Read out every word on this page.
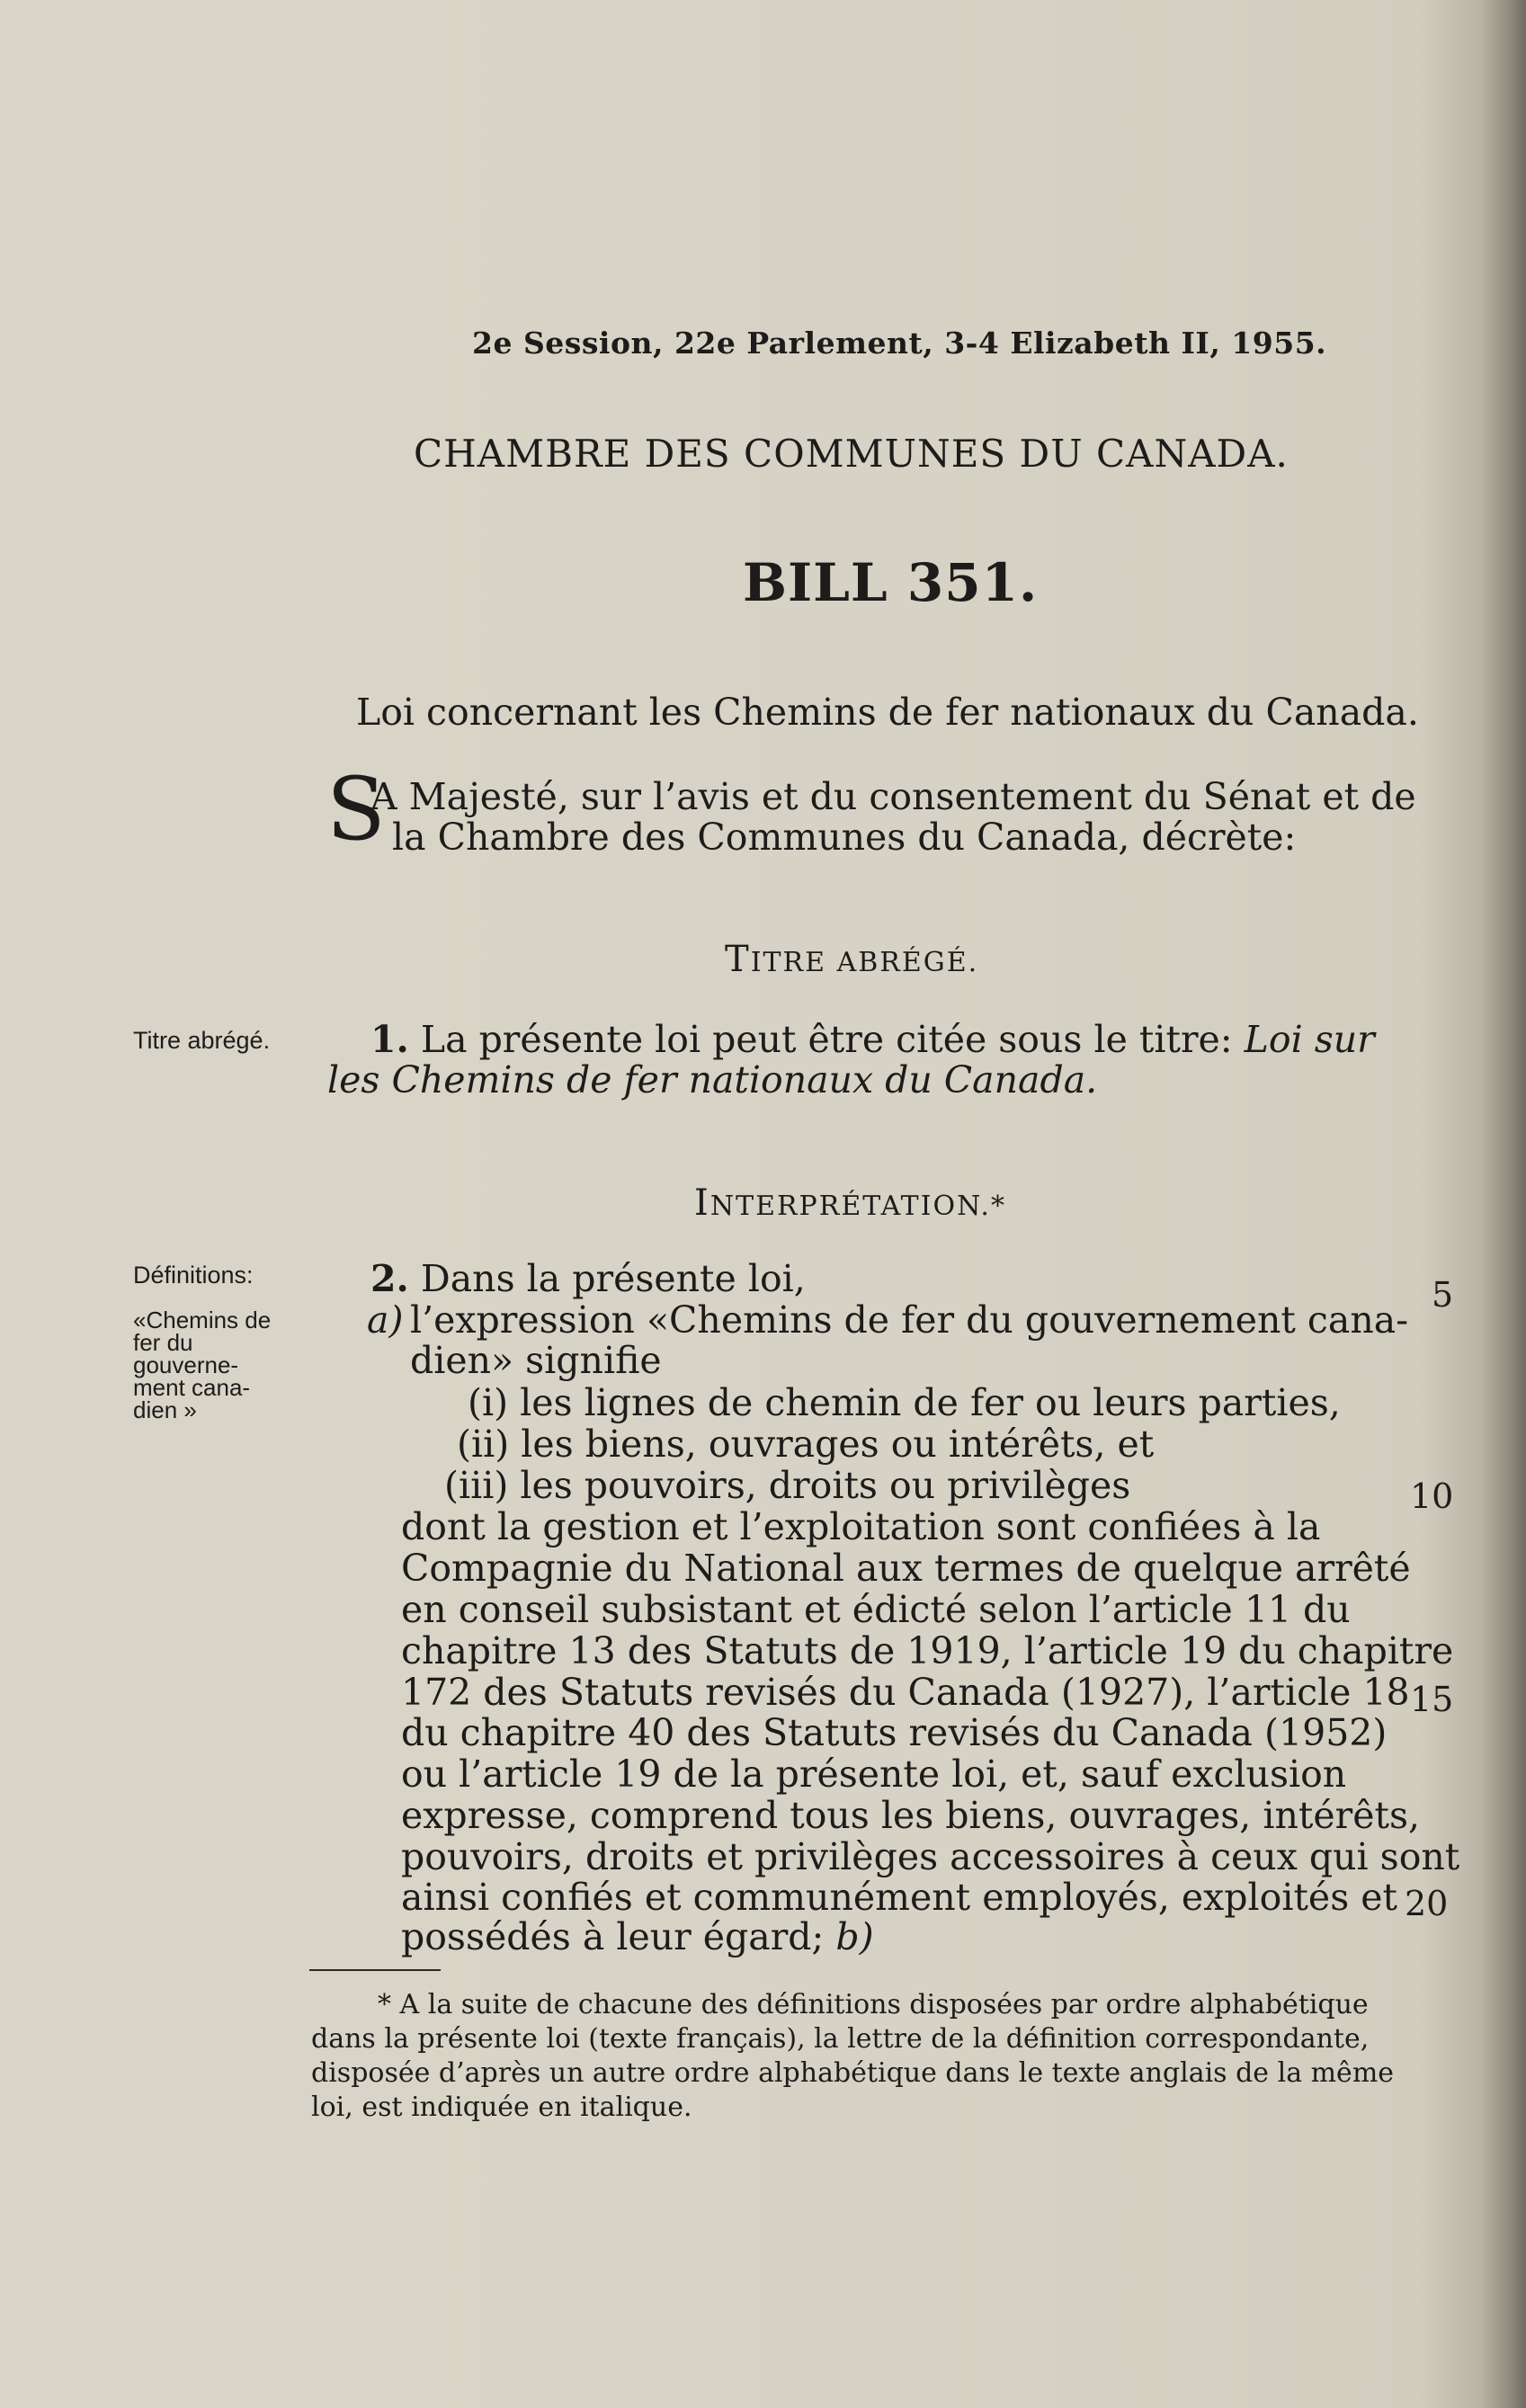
2e Session, 22e Parlement, 3-4 Elizabeth II, 1955.
CHAMBRE DES COMMUNES DU CANADA.
BILL 351.
Loi concernant les Chemins de fer nationaux du Canada.
S
A Majesté, sur l’avis et du consentement du Sénat et de
la Chambre des Communes du Canada, décrète:
TITRE ABRÉGÉ.
Titre abrégé.	1. La présente loi peut être citée sous le titre: Loi sur
les Chemins de fer nationaux du Canada.
INTERPRÉTATION.*
Définitions:
«Chemins de fer du gouverne-ment cana-dien »
2. Dans la présente loi,
a) l’expression «Chemins de fer du gouvernement cana-
dien» signifie
(i) les lignes de chemin de fer ou leurs parties,
(ii) les biens, ouvrages ou intérêts, et
(iii) les pouvoirs, droits ou privilèges
dont la gestion et l’exploitation sont confiées à la
Compagnie du National aux termes de quelque arrêté
en conseil subsistant et édicté selon l’article 11 du
chapitre 13 des Statuts de 1919, l’article 19 du chapitre
172 des Statuts revisés du Canada (1927), l’article 18
du chapitre 40 des Statuts revisés du Canada (1952)
ou l’article 19 de la présente loi, et, sauf exclusion
expresse, comprend tous les biens, ouvrages, intérêts,
pouvoirs, droits et privilèges accessoires à ceux qui sont
ainsi confiés et communément employés, exploités et
possédés à leur égard; b)
5
10
15
20
* A la suite de chacune des définitions disposées par ordre alphabétique
dans la présente loi (texte français), la lettre de la définition correspondante,
disposée d’après un autre ordre alphabétique dans le texte anglais de la même
loi, est indiquée en italique.
